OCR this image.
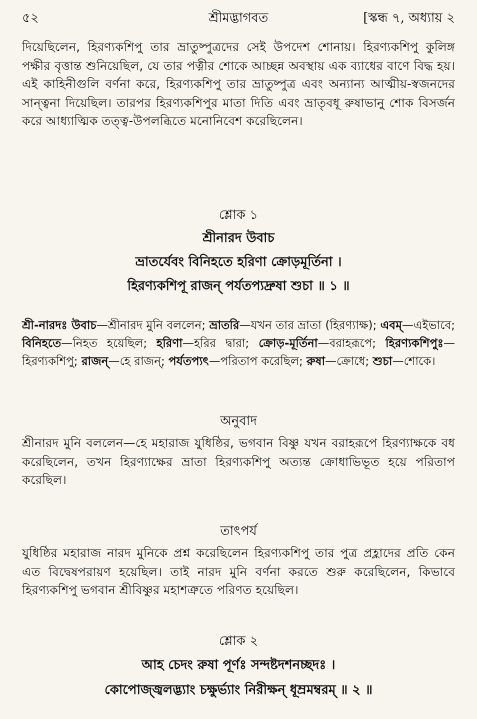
৫২	শ্রীমদ্ভাগবত	[স্কন্ধ ৭, অধ্যায় ২
দিয়েছিলেন, হিরণ্যকশিপু তার ভ্রাতুষ্পুত্রদের সেই উপদেশ শোনায়। হিরণ্যকশিপু কুলিঙ্গ পক্ষীর বৃত্তান্ত শুনিয়েছিল, যে তার পত্নীর শোকে আচ্ছন্ন অবস্থায় এক ব্যাধের বাণে বিদ্ধ হয়। এই কাহিনীগুলি বর্ণনা করে, হিরণ্যকশিপু তার ভ্রাতুষ্পুত্র এবং অন্যান্য আত্মীয়-স্বজনদের সান্ত্বনা দিয়েছিল। তারপর হিরণ্যকশিপুর মাতা দিতি এবং ভ্রাতৃবধূ রুষাভানু শোক বিসর্জন করে আধ্যাত্মিক তত্ত্ব-উপলব্ধিতে মনোনিবেশ করেছিলেন।
শ্লোক ১
শ্রীনারদ উবাচ
ভ্রাতর্যেবং বিনিহতে হরিণা ক্রোড়মূর্তিনা ।
হিরণ্যকশিপূ রাজন্ পর্যতপ্যদ্রুষা শুচা ॥ ১ ॥
শ্রী-নারদঃ উবাচ—শ্রীনারদ মুনি বললেন; ভ্রাতরি—যখন তার ভ্রাতা (হিরণ্যাক্ষ); এবম্—এইভাবে; বিনিহতে—নিহত হয়েছিল; হরিণা—হরির দ্বারা; ক্রোড়-মূর্তিনা—বরাহরূপে; হিরণ্যকশিপুঃ—হিরণ্যকশিপু; রাজন্—হে রাজন্; পর্যতপ্যৎ—পরিতাপ করেছিল; রুষা—ক্রোধে; শুচা—শোকে।
অনুবাদ
শ্রীনারদ মুনি বললেন—হে মহারাজ যুধিষ্ঠির, ভগবান বিষ্ণু যখন বরাহরূপে হিরণ্যাক্ষকে বধ করেছিলেন, তখন হিরণ্যাক্ষের ভ্রাতা হিরণ্যকশিপু অত্যন্ত ক্রোধাভিভূত হয়ে পরিতাপ করেছিল।
তাৎপর্য
যুধিষ্ঠির মহারাজ নারদ মুনিকে প্রশ্ন করেছিলেন হিরণ্যকশিপু তার পুত্র প্রহ্লাদের প্রতি কেন এত বিদ্বেষপরায়ণ হয়েছিল। তাই নারদ মুনি বর্ণনা করতে শুরু করেছিলেন, কিভাবে হিরণ্যকশিপু ভগবান শ্রীবিষ্ণুর মহাশত্রুতে পরিণত হয়েছিল।
শ্লোক ২
আহ চেদং রুষা পূর্ণঃ সন্দষ্টদশনচ্ছদঃ ।
কোপোজ্জ্বলদ্ভ্যাং চক্ষুর্ভ্যাং নিরীক্ষন্ ধূম্রমম্বরম্ ॥ ২ ॥
